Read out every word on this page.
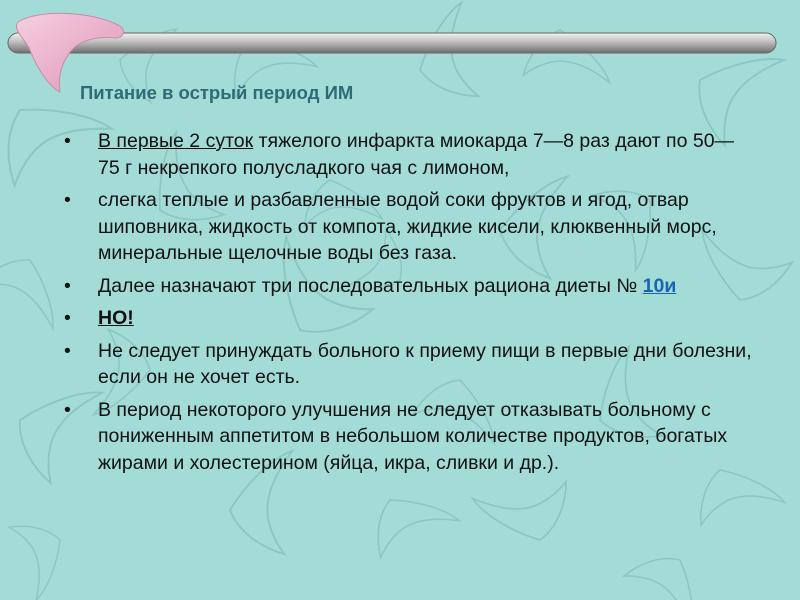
Питание в острый период ИМ
• В первые 2 суток тяжелого инфаркта миокарда 7—8 раз дают по 50—75 г некрепкого полусладкого чая с лимоном,
• слегка теплые и разбавленные водой соки фруктов и ягод, отвар шиповника, жидкость от компота, жидкие кисели, клюквенный морс, минеральные щелочные воды без газа.
• Далее назначают три последовательных рациона диеты № 10и
• НО!
• Не следует принуждать больного к приему пищи в первые дни болезни, если он не хочет есть.
• В период некоторого улучшения не следует отказывать больному с пониженным аппетитом в небольшом количестве продуктов, богатых жирами и холестерином (яйца, икра, сливки и др.).
